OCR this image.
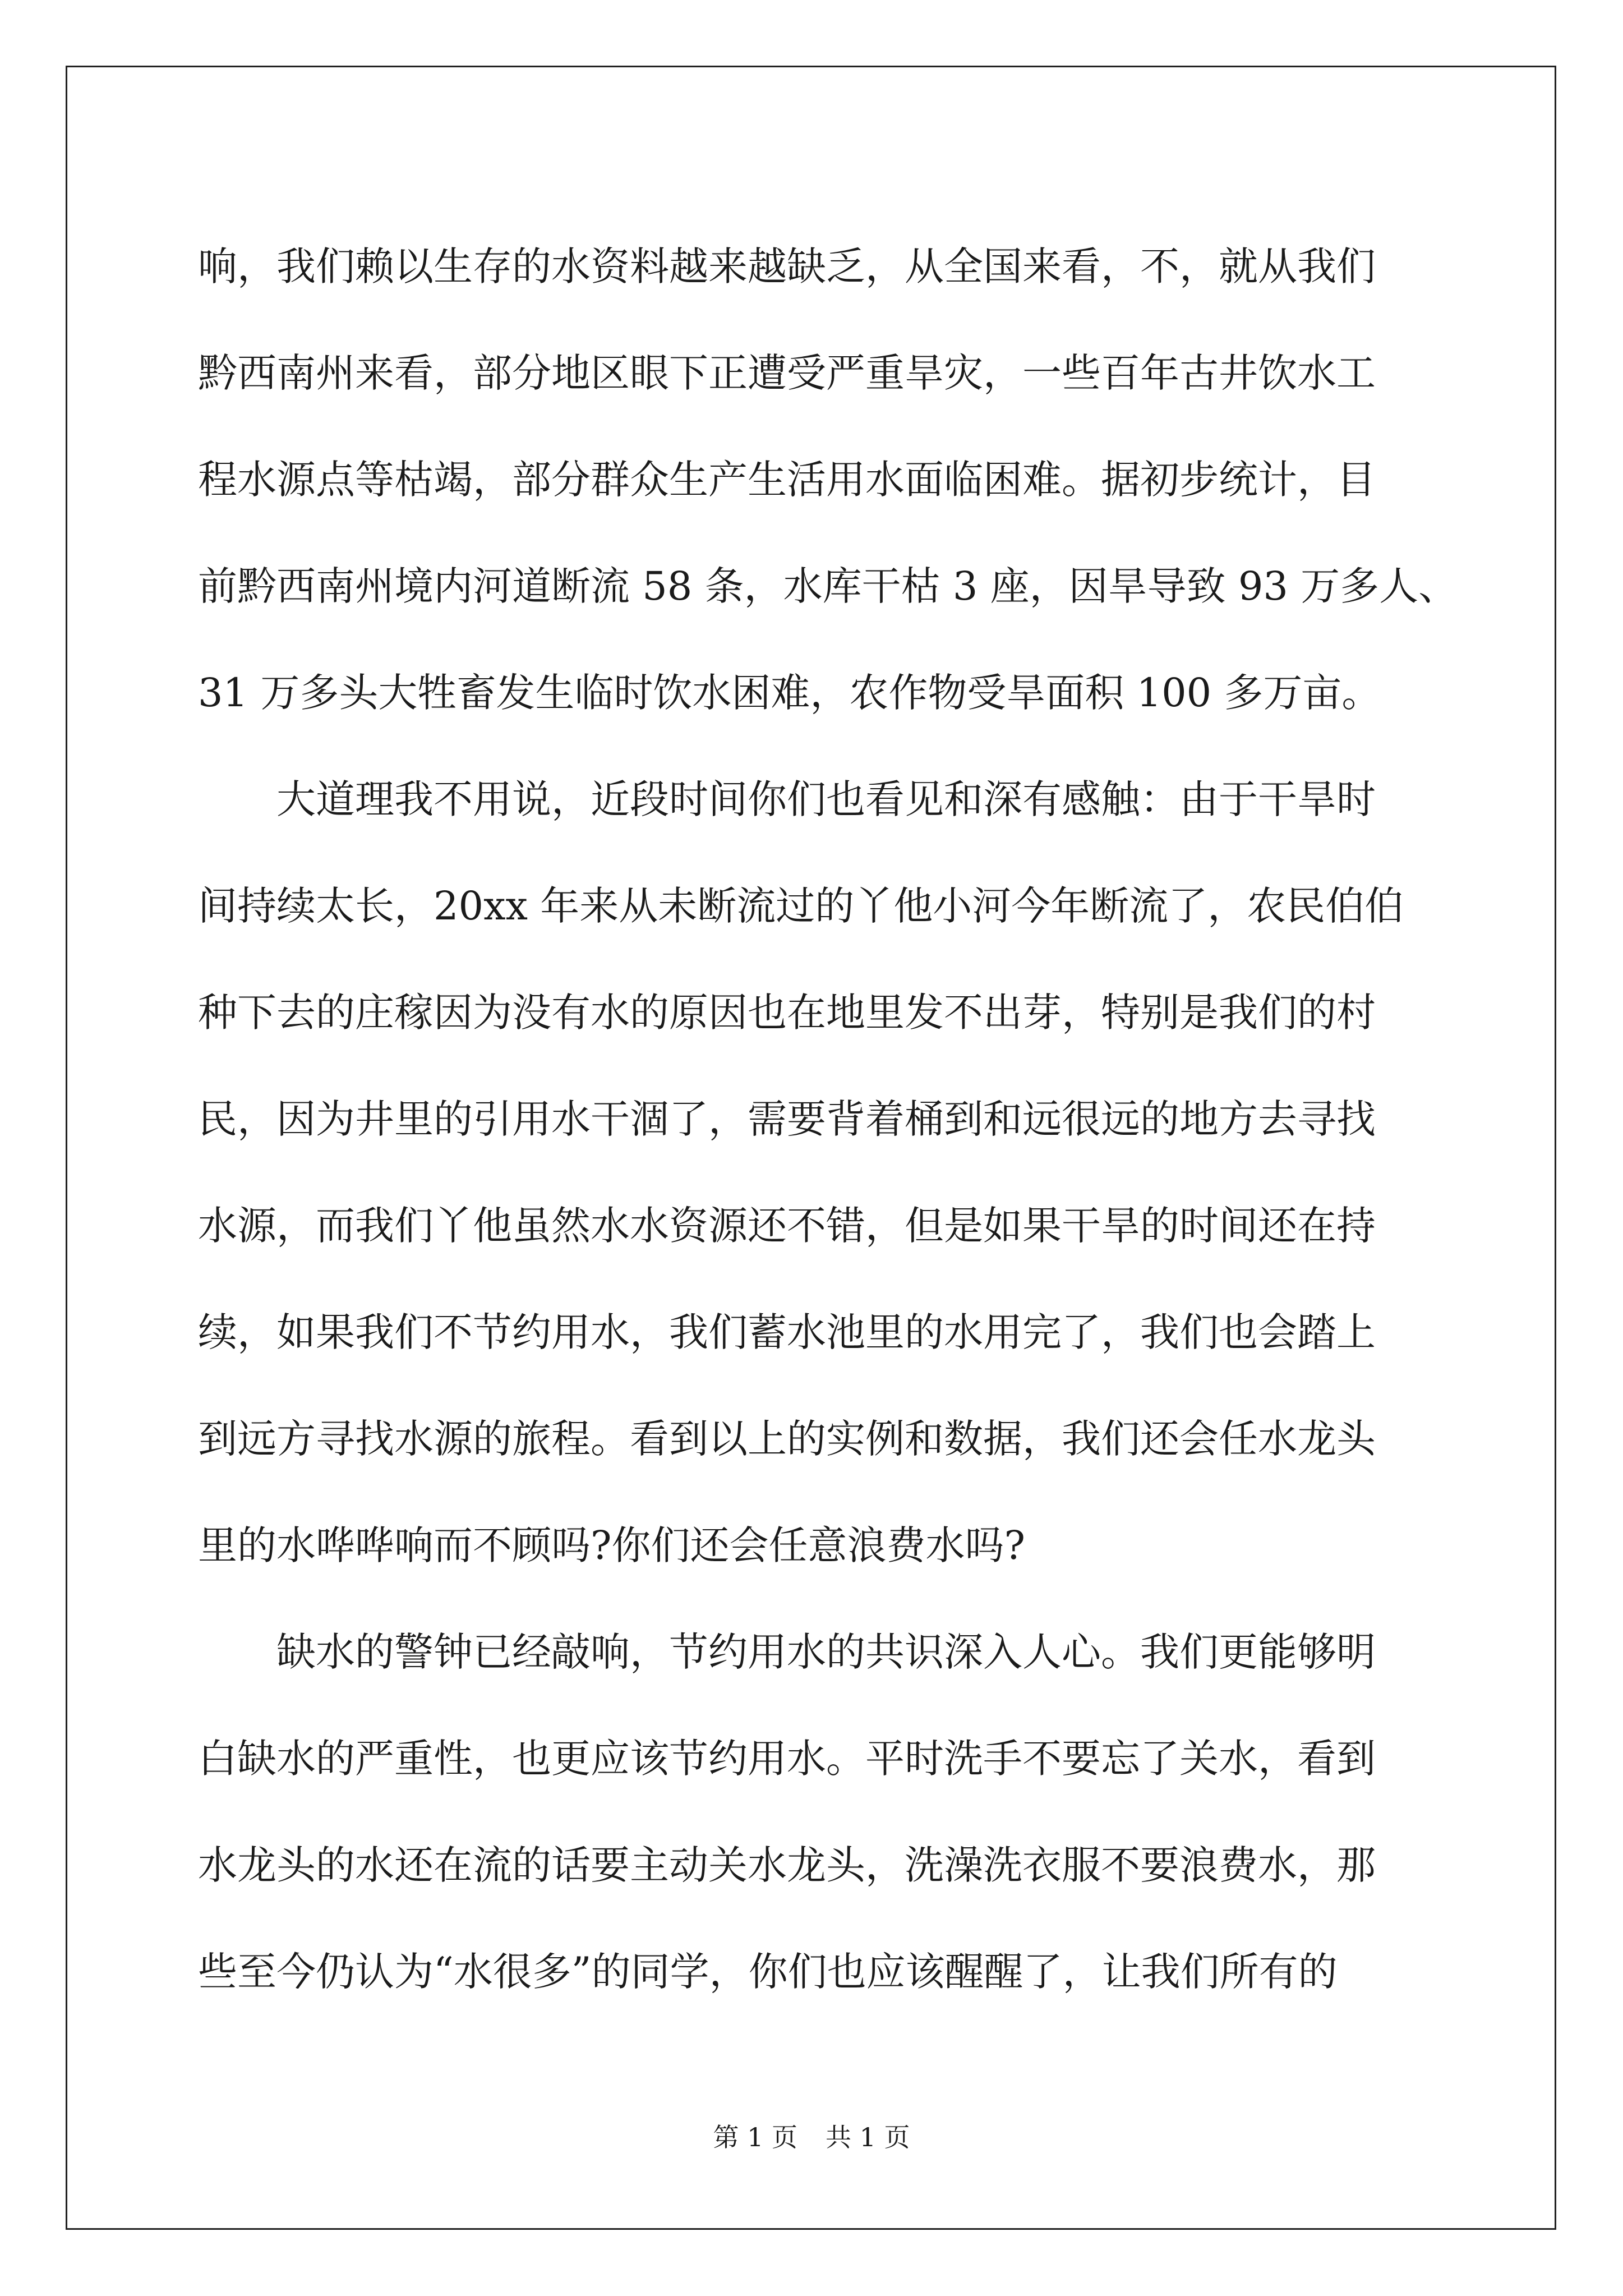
响，我们赖以生存的水资料越来越缺乏，从全国来看，不，就从我们
黔西南州来看，部分地区眼下正遭受严重旱灾，一些百年古井饮水工
程水源点等枯竭，部分群众生产生活用水面临困难。据初步统计，目
前黔西南州境内河道断流 58 条，水库干枯 3 座，因旱导致 93 万多人、
31 万多头大牲畜发生临时饮水困难，农作物受旱面积 100 多万亩。
大道理我不用说，近段时间你们也看见和深有感触：由于干旱时
间持续太长，20xx 年来从未断流过的丫他小河今年断流了，农民伯伯
种下去的庄稼因为没有水的原因也在地里发不出芽，特别是我们的村
民，因为井里的引用水干涸了，需要背着桶到和远很远的地方去寻找
水源，而我们丫他虽然水水资源还不错，但是如果干旱的时间还在持
续，如果我们不节约用水，我们蓄水池里的水用完了，我们也会踏上
到远方寻找水源的旅程。看到以上的实例和数据，我们还会任水龙头
里的水哗哗响而不顾吗?你们还会任意浪费水吗?
缺水的警钟已经敲响，节约用水的共识深入人心。我们更能够明
白缺水的严重性，也更应该节约用水。平时洗手不要忘了关水，看到
水龙头的水还在流的话要主动关水龙头，洗澡洗衣服不要浪费水，那
些至今仍认为“水很多”的同学，你们也应该醒醒了，让我们所有的
第 1 页 共 1 页
